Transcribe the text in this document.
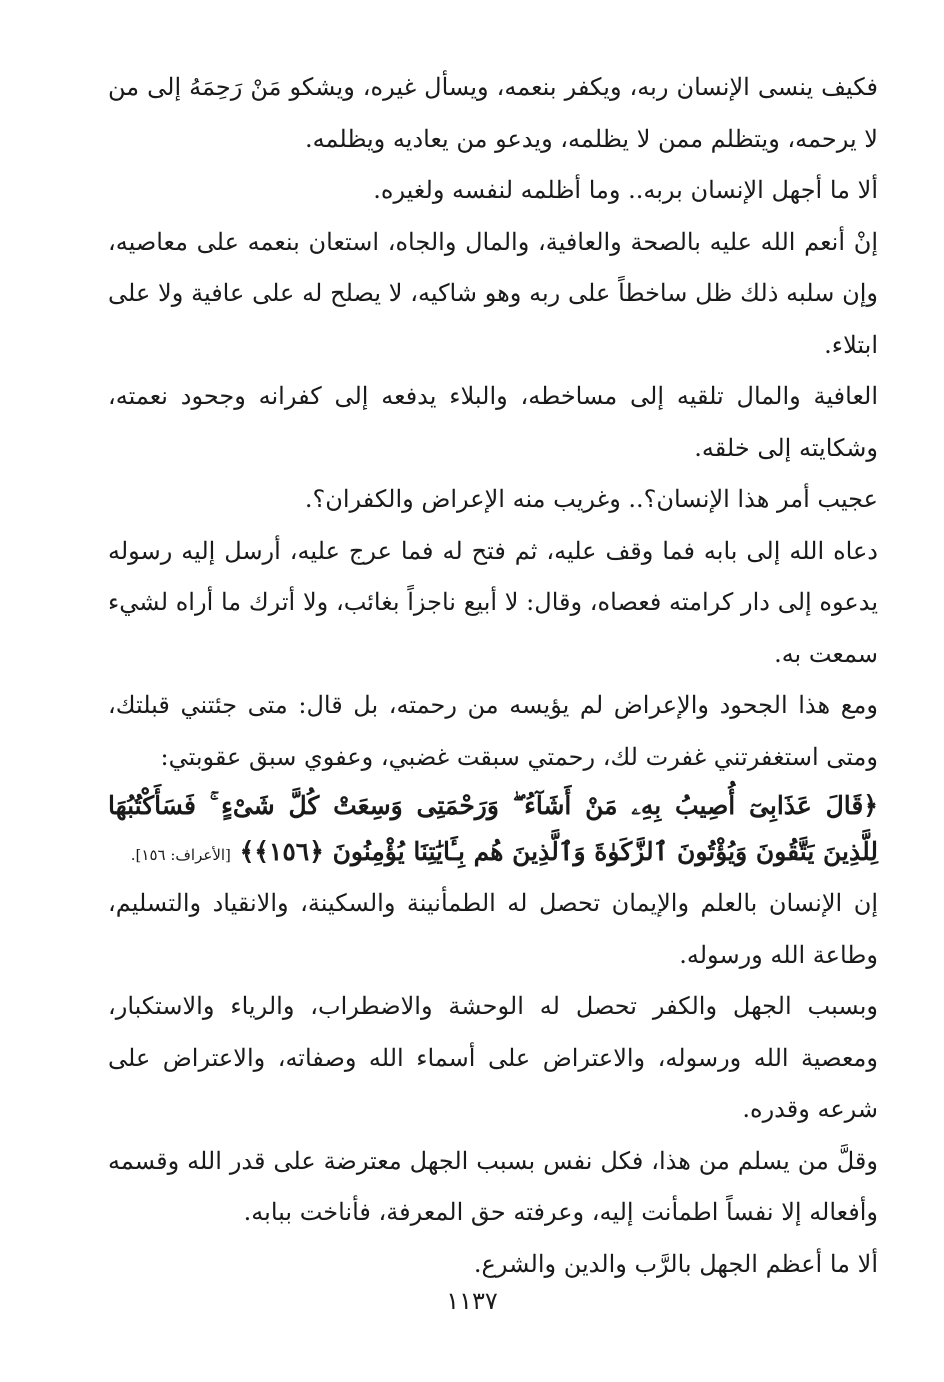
فكيف ينسى الإنسان ربه، ويكفر بنعمه، ويسأل غيره، ويشكو مَنْ رَحِمَهُ إلى من لا يرحمه، ويتظلم ممن لا يظلمه، ويدعو من يعاديه ويظلمه.

ألا ما أجهل الإنسان بربه.. وما أظلمه لنفسه ولغيره.

إنْ أنعم الله عليه بالصحة والعافية، والمال والجاه، استعان بنعمه على معاصيه، وإن سلبه ذلك ظل ساخطاً على ربه وهو شاكيه، لا يصلح له على عافية ولا على ابتلاء.

العافية والمال تلقيه إلى مساخطه، والبلاء يدفعه إلى كفرانه وجحود نعمته، وشكايته إلى خلقه.

عجيب أمر هذا الإنسان؟.. وغريب منه الإعراض والكفران؟.

دعاه الله إلى بابه فما وقف عليه، ثم فتح له فما عرج عليه، أرسل إليه رسوله يدعوه إلى دار كرامته فعصاه، وقال: لا أبيع ناجزاً بغائب، ولا أترك ما أراه لشيء سمعت به.

ومع هذا الجحود والإعراض لم يؤيسه من رحمته، بل قال: متى جئتني قبلتك، ومتى استغفرتني غفرت لك، رحمتي سبقت غضبي، وعفوي سبق عقوبتي:

﴿قَالَ عَذَابِىٓ أُصِيبُ بِهِۦ مَنْ أَشَآءُ ۖ وَرَحْمَتِى وَسِعَتْ كُلَّ شَىْءٍ ۚ فَسَأَكْتُبُهَا لِلَّذِينَ يَتَّقُونَ وَيُؤْتُونَ ٱلزَّكَوٰةَ وَٱلَّذِينَ هُم بِـَٔايَٰتِنَا يُؤْمِنُونَ ﴿١٥٦﴾﴾ [الأعراف: ١٥٦].

إن الإنسان بالعلم والإيمان تحصل له الطمأنينة والسكينة، والانقياد والتسليم، وطاعة الله ورسوله.

وبسبب الجهل والكفر تحصل له الوحشة والاضطراب، والرياء والاستكبار، ومعصية الله ورسوله، والاعتراض على أسماء الله وصفاته، والاعتراض على شرعه وقدره.

وقلَّ من يسلم من هذا، فكل نفس بسبب الجهل معترضة على قدر الله وقسمه وأفعاله إلا نفساً اطمأنت إليه، وعرفته حق المعرفة، فأناخت ببابه.

ألا ما أعظم الجهل بالرَّب والدين والشرع.

١١٣٧
